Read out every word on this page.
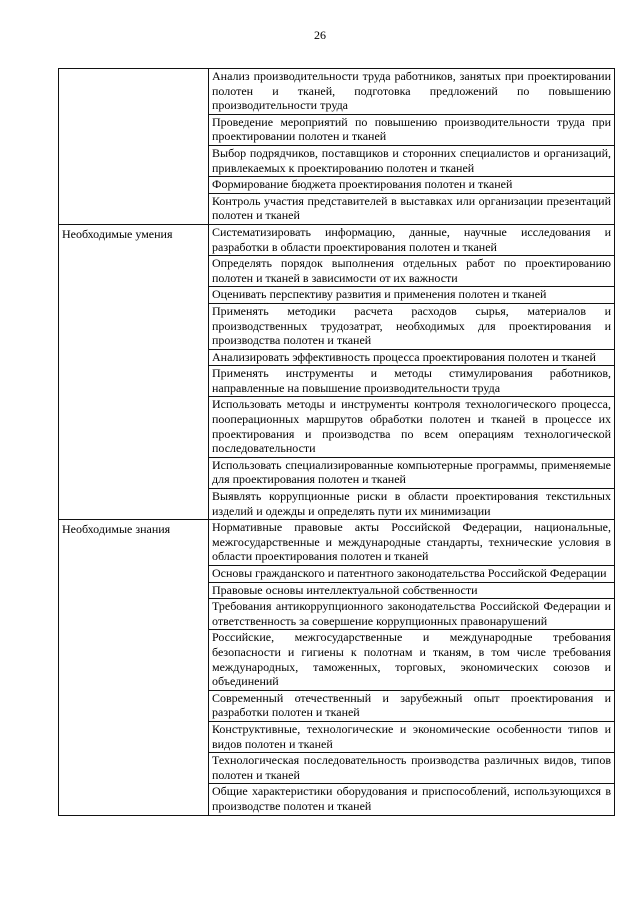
26
	Анализ производительности труда работников, занятых при проектировании полотен и тканей, подготовка предложений по повышению производительности труда
	Проведение мероприятий по повышению производительности труда при проектировании полотен и тканей
	Выбор подрядчиков, поставщиков и сторонних специалистов и организаций, привлекаемых к проектированию полотен и тканей
	Формирование бюджета проектирования полотен и тканей
	Контроль участия представителей в выставках или организации презентаций полотен и тканей
Необходимые умения	Систематизировать информацию, данные, научные исследования и разработки в области проектирования полотен и тканей
	Определять порядок выполнения отдельных работ по проектированию полотен и тканей в зависимости от их важности
	Оценивать перспективу развития и применения полотен и тканей
	Применять методики расчета расходов сырья, материалов и производственных трудозатрат, необходимых для проектирования и производства полотен и тканей
	Анализировать эффективность процесса проектирования полотен и тканей
	Применять инструменты и методы стимулирования работников, направленные на повышение производительности труда
	Использовать методы и инструменты контроля технологического процесса, пооперационных маршрутов обработки полотен и тканей в процессе их проектирования и производства по всем операциям технологической последовательности
	Использовать специализированные компьютерные программы, применяемые для проектирования полотен и тканей
	Выявлять коррупционные риски в области проектирования текстильных изделий и одежды и определять пути их минимизации
Необходимые знания	Нормативные правовые акты Российской Федерации, национальные, межгосударственные и международные стандарты, технические условия в области проектирования полотен и тканей
	Основы гражданского и патентного законодательства Российской Федерации
	Правовые основы интеллектуальной собственности
	Требования антикоррупционного законодательства Российской Федерации и ответственность за совершение коррупционных правонарушений
	Российские, межгосударственные и международные требования безопасности и гигиены к полотнам и тканям, в том числе требования международных, таможенных, торговых, экономических союзов и объединений
	Современный отечественный и зарубежный опыт проектирования и разработки полотен и тканей
	Конструктивные, технологические и экономические особенности типов и видов полотен и тканей
	Технологическая последовательность производства различных видов, типов полотен и тканей
	Общие характеристики оборудования и приспособлений, использующихся в производстве полотен и тканей
